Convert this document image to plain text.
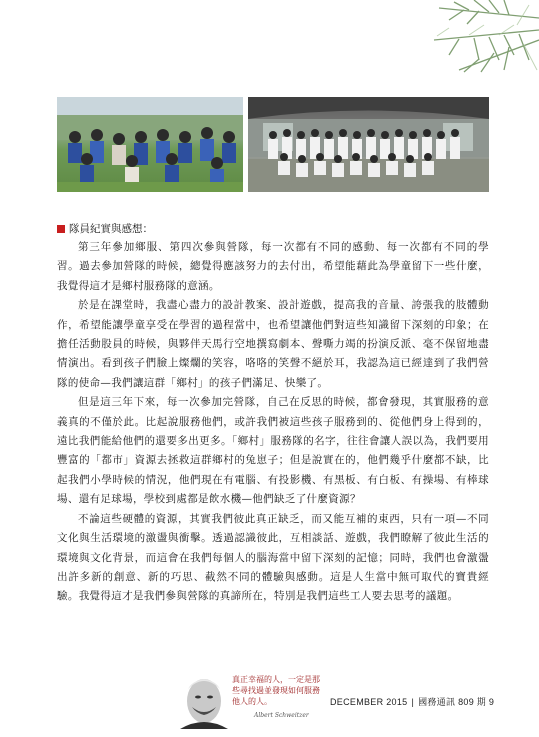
隊員紀實與感想：

第三年參加鄉服、第四次參與營隊，每一次都有不同的感動、每一次都有不同的學習。過去參加營隊的時候，總覺得應該努力的去付出，希望能藉此為學童留下一些什麼，我覺得這才是鄉村服務隊的意涵。

於是在課堂時，我盡心盡力的設計教案、設計遊戲，提高我的音量、誇張我的肢體動作，希望能讓學童享受在學習的過程當中，也希望讓他們對這些知識留下深刻的印象；在擔任活動股員的時候，與夥伴天馬行空地撰寫劇本、聲嘶力竭的扮演反派、毫不保留地盡情演出。看到孩子們臉上燦爛的笑容，咯咯的笑聲不絕於耳，我認為這已經達到了我們營隊的使命—我們讓這群「鄉村」的孩子們滿足、快樂了。

但是這三年下來，每一次參加完營隊，自己在反思的時候，都會發現，其實服務的意義真的不僅於此。比起說服務他們，或許我們被這些孩子服務到的、從他們身上得到的，遠比我們能給他們的還要多出更多。「鄉村」服務隊的名字，往往會讓人誤以為，我們要用豐富的「都市」資源去拯救這群鄉村的兔崽子；但是說實在的，他們幾乎什麼都不缺，比起我們小學時候的情況，他們現在有電腦、有投影機、有黑板、有白板、有操場、有棒球場、還有足球場，學校到處都是飲水機—他們缺乏了什麼資源？

不論這些硬體的資源，其實我們彼此真正缺乏，而又能互補的東西，只有一項—不同文化與生活環境的激盪與衝擊。透過認識彼此，互相談話、遊戲，我們瞭解了彼此生活的環境與文化背景，而這會在我們每個人的腦海當中留下深刻的記憶；同時，我們也會激盪出許多新的創意、新的巧思、截然不同的體驗與感動。這是人生當中無可取代的寶貴經驗。我覺得這才是我們參與營隊的真諦所在，特別是我們這些工人要去思考的議題。

真正幸福的人，一定是那
些尋找過並發現如何服務
他人的人。
Albert Schweitzer
DECEMBER 2015 | 國務通訊 809 期 9
